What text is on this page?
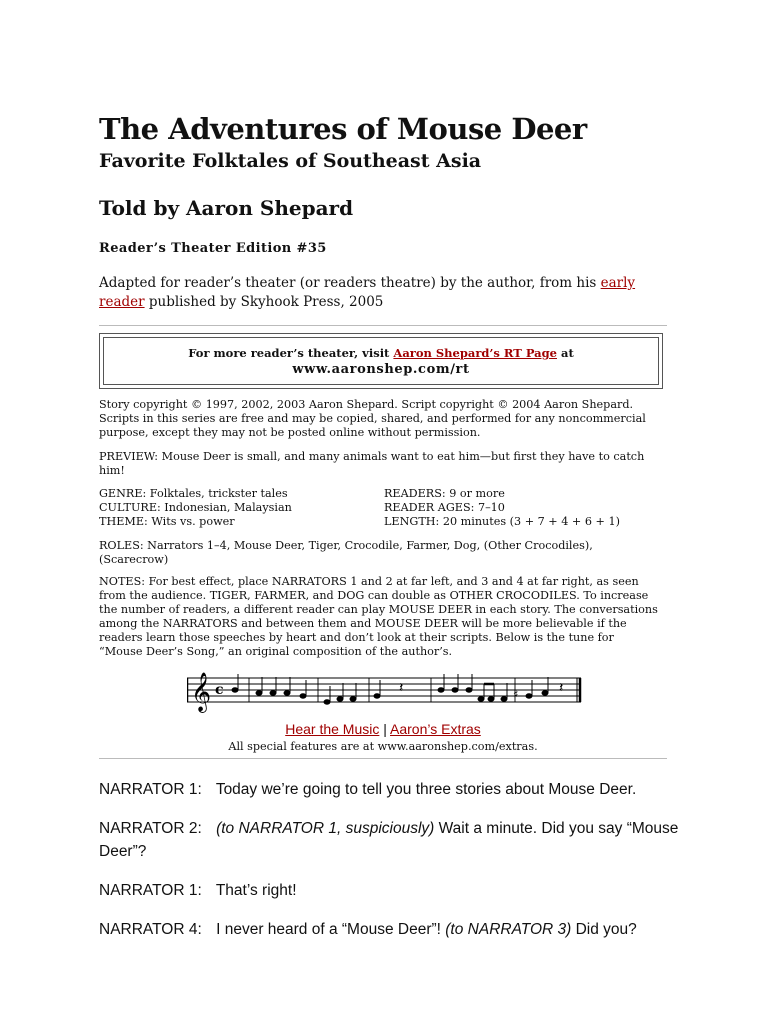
The Adventures of Mouse Deer
Favorite Folktales of Southeast Asia
Told by Aaron Shepard
Reader’s Theater Edition #35
Adapted for reader’s theater (or readers theatre) by the author, from his early reader published by Skyhook Press, 2005
For more reader’s theater, visit Aaron Shepard’s RT Page at
www.aaronshep.com/rt
Story copyright © 1997, 2002, 2003 Aaron Shepard. Script copyright © 2004 Aaron Shepard. Scripts in this series are free and may be copied, shared, and performed for any noncommercial purpose, except they may not be posted online without permission.
PREVIEW: Mouse Deer is small, and many animals want to eat him—but first they have to catch him!
GENRE: Folktales, trickster tales	READERS: 9 or more
CULTURE: Indonesian, Malaysian	READER AGES: 7–10
THEME: Wits vs. power	LENGTH: 20 minutes (3 + 7 + 4 + 6 + 1)
ROLES: Narrators 1–4, Mouse Deer, Tiger, Crocodile, Farmer, Dog, (Other Crocodiles), (Scarecrow)
NOTES: For best effect, place NARRATORS 1 and 2 at far left, and 3 and 4 at far right, as seen from the audience. TIGER, FARMER, and DOG can double as OTHER CROCODILES. To increase the number of readers, a different reader can play MOUSE DEER in each story. The conversations among the NARRATORS and between them and MOUSE DEER will be more believable if the readers learn those speeches by heart and don’t look at their scripts. Below is the tune for “Mouse Deer’s Song,” an original composition of the author’s.
𝄞 c	𝄽	𝄽
♯
Hear the Music | Aaron’s Extras
All special features are at www.aaronshep.com/extras.

NARRATOR 1: Today we’re going to tell you three stories about Mouse Deer.

NARRATOR 2: (to NARRATOR 1, suspiciously) Wait a minute. Did you say “Mouse Deer”?

NARRATOR 1: That’s right!

NARRATOR 4: I never heard of a “Mouse Deer”! (to NARRATOR 3) Did you?
